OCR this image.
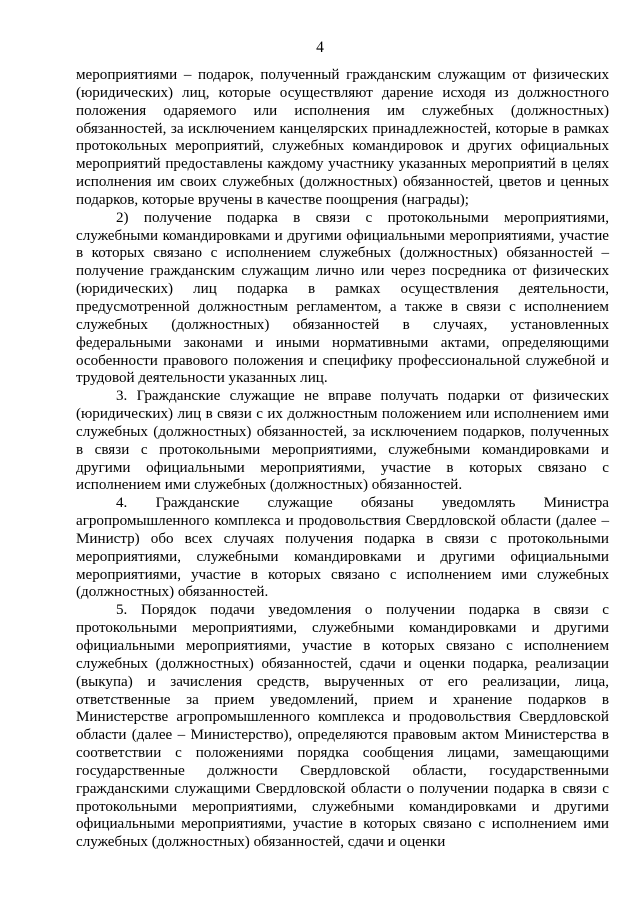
4

мероприятиями – подарок, полученный гражданским служащим от физических (юридических) лиц, которые осуществляют дарение исходя из должностного положения одаряемого или исполнения им служебных (должностных) обязанностей, за исключением канцелярских принадлежностей, которые в рамках протокольных мероприятий, служебных командировок и других официальных мероприятий предоставлены каждому участнику указанных мероприятий в целях исполнения им своих служебных (должностных) обязанностей, цветов и ценных подарков, которые вручены в качестве поощрения (награды);

2) получение подарка в связи с протокольными мероприятиями, служебными командировками и другими официальными мероприятиями, участие в которых связано с исполнением служебных (должностных) обязанностей – получение гражданским служащим лично или через посредника от физических (юридических) лиц подарка в рамках осуществления деятельности, предусмотренной должностным регламентом, а также в связи с исполнением служебных (должностных) обязанностей в случаях, установленных федеральными законами и иными нормативными актами, определяющими особенности правового положения и специфику профессиональной служебной и трудовой деятельности указанных лиц.

3. Гражданские служащие не вправе получать подарки от физических (юридических) лиц в связи с их должностным положением или исполнением ими служебных (должностных) обязанностей, за исключением подарков, полученных в связи с протокольными мероприятиями, служебными командировками и другими официальными мероприятиями, участие в которых связано с исполнением ими служебных (должностных) обязанностей.

4. Гражданские служащие обязаны уведомлять Министра агропромышленного комплекса и продовольствия Свердловской области (далее – Министр) обо всех случаях получения подарка в связи с протокольными мероприятиями, служебными командировками и другими официальными мероприятиями, участие в которых связано с исполнением ими служебных (должностных) обязанностей.

5. Порядок подачи уведомления о получении подарка в связи с протокольными мероприятиями, служебными командировками и другими официальными мероприятиями, участие в которых связано с исполнением служебных (должностных) обязанностей, сдачи и оценки подарка, реализации (выкупа) и зачисления средств, вырученных от его реализации, лица, ответственные за прием уведомлений, прием и хранение подарков в Министерстве агропромышленного комплекса и продовольствия Свердловской области (далее – Министерство), определяются правовым актом Министерства в соответствии с положениями порядка сообщения лицами, замещающими государственные должности Свердловской области, государственными гражданскими служащими Свердловской области о получении подарка в связи с протокольными мероприятиями, служебными командировками и другими официальными мероприятиями, участие в которых связано с исполнением ими служебных (должностных) обязанностей, сдачи и оценки
